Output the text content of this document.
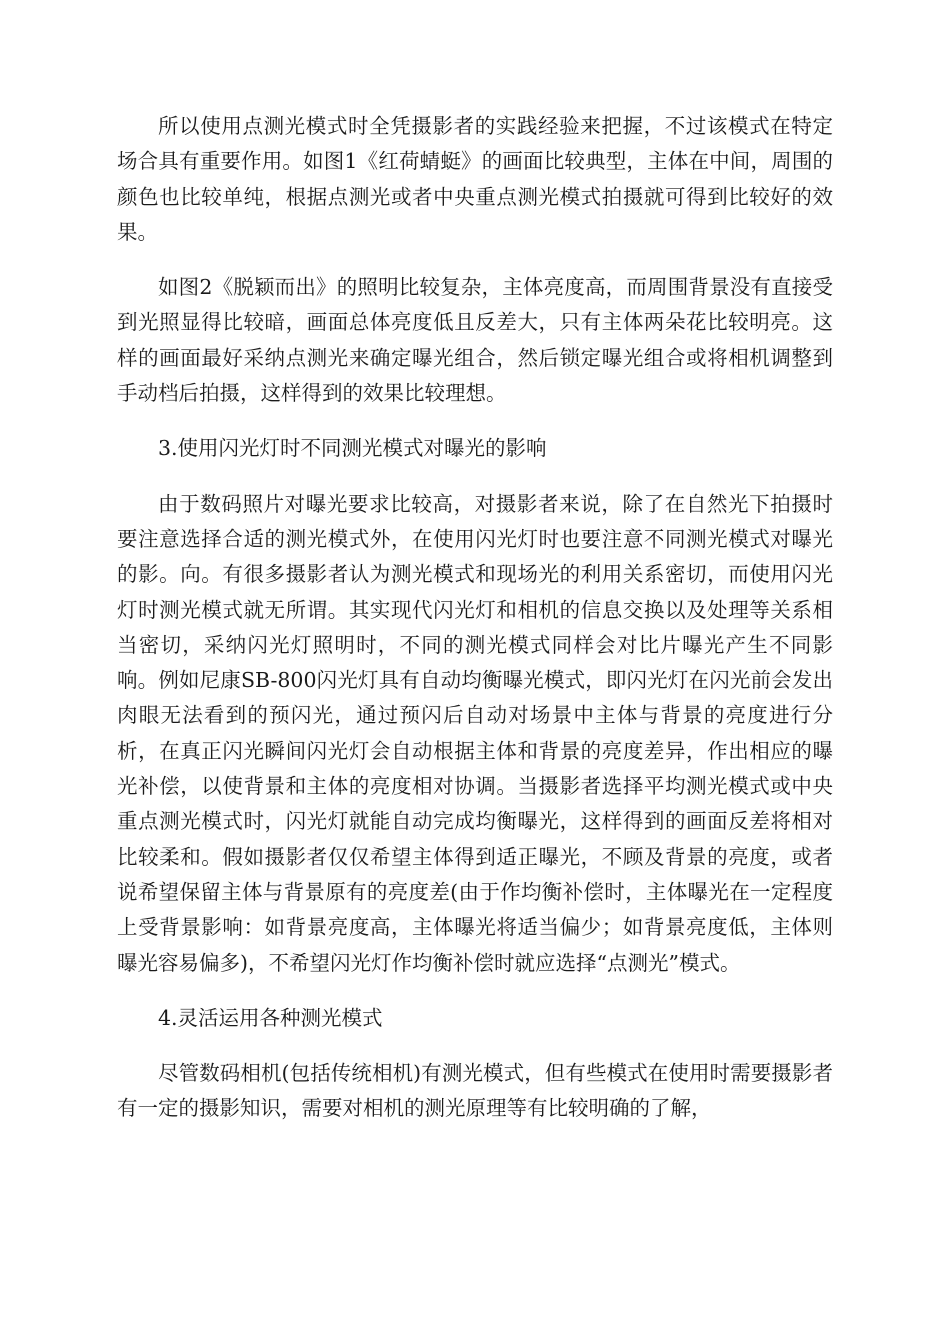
所以使用点测光模式时全凭摄影者的实践经验来把握，不过该模式在特定场合具有重要作用。如图1《红荷蜻蜓》的画面比较典型，主体在中间，周围的颜色也比较单纯，根据点测光或者中央重点测光模式拍摄就可得到比较好的效果。

如图2《脱颖而出》的照明比较复杂，主体亮度高，而周围背景没有直接受到光照显得比较暗，画面总体亮度低且反差大，只有主体两朵花比较明亮。这样的画面最好采纳点测光来确定曝光组合，然后锁定曝光组合或将相机调整到手动档后拍摄，这样得到的效果比较理想。

3.使用闪光灯时不同测光模式对曝光的影响

由于数码照片对曝光要求比较高，对摄影者来说，除了在自然光下拍摄时要注意选择合适的测光模式外，在使用闪光灯时也要注意不同测光模式对曝光的影。向。有很多摄影者认为测光模式和现场光的利用关系密切，而使用闪光灯时测光模式就无所谓。其实现代闪光灯和相机的信息交换以及处理等关系相当密切，采纳闪光灯照明时，不同的测光模式同样会对比片曝光产生不同影响。例如尼康SB-800闪光灯具有自动均衡曝光模式，即闪光灯在闪光前会发出肉眼无法看到的预闪光，通过预闪后自动对场景中主体与背景的亮度进行分析，在真正闪光瞬间闪光灯会自动根据主体和背景的亮度差异，作出相应的曝光补偿，以使背景和主体的亮度相对协调。当摄影者选择平均测光模式或中央重点测光模式时，闪光灯就能自动完成均衡曝光，这样得到的画面反差将相对比较柔和。假如摄影者仅仅希望主体得到适正曝光，不顾及背景的亮度，或者说希望保留主体与背景原有的亮度差(由于作均衡补偿时，主体曝光在一定程度上受背景影响：如背景亮度高，主体曝光将适当偏少；如背景亮度低，主体则曝光容易偏多)，不希望闪光灯作均衡补偿时就应选择“点测光”模式。

4.灵活运用各种测光模式

尽管数码相机(包括传统相机)有测光模式，但有些模式在使用时需要摄影者有一定的摄影知识，需要对相机的测光原理等有比较明确的了解，
